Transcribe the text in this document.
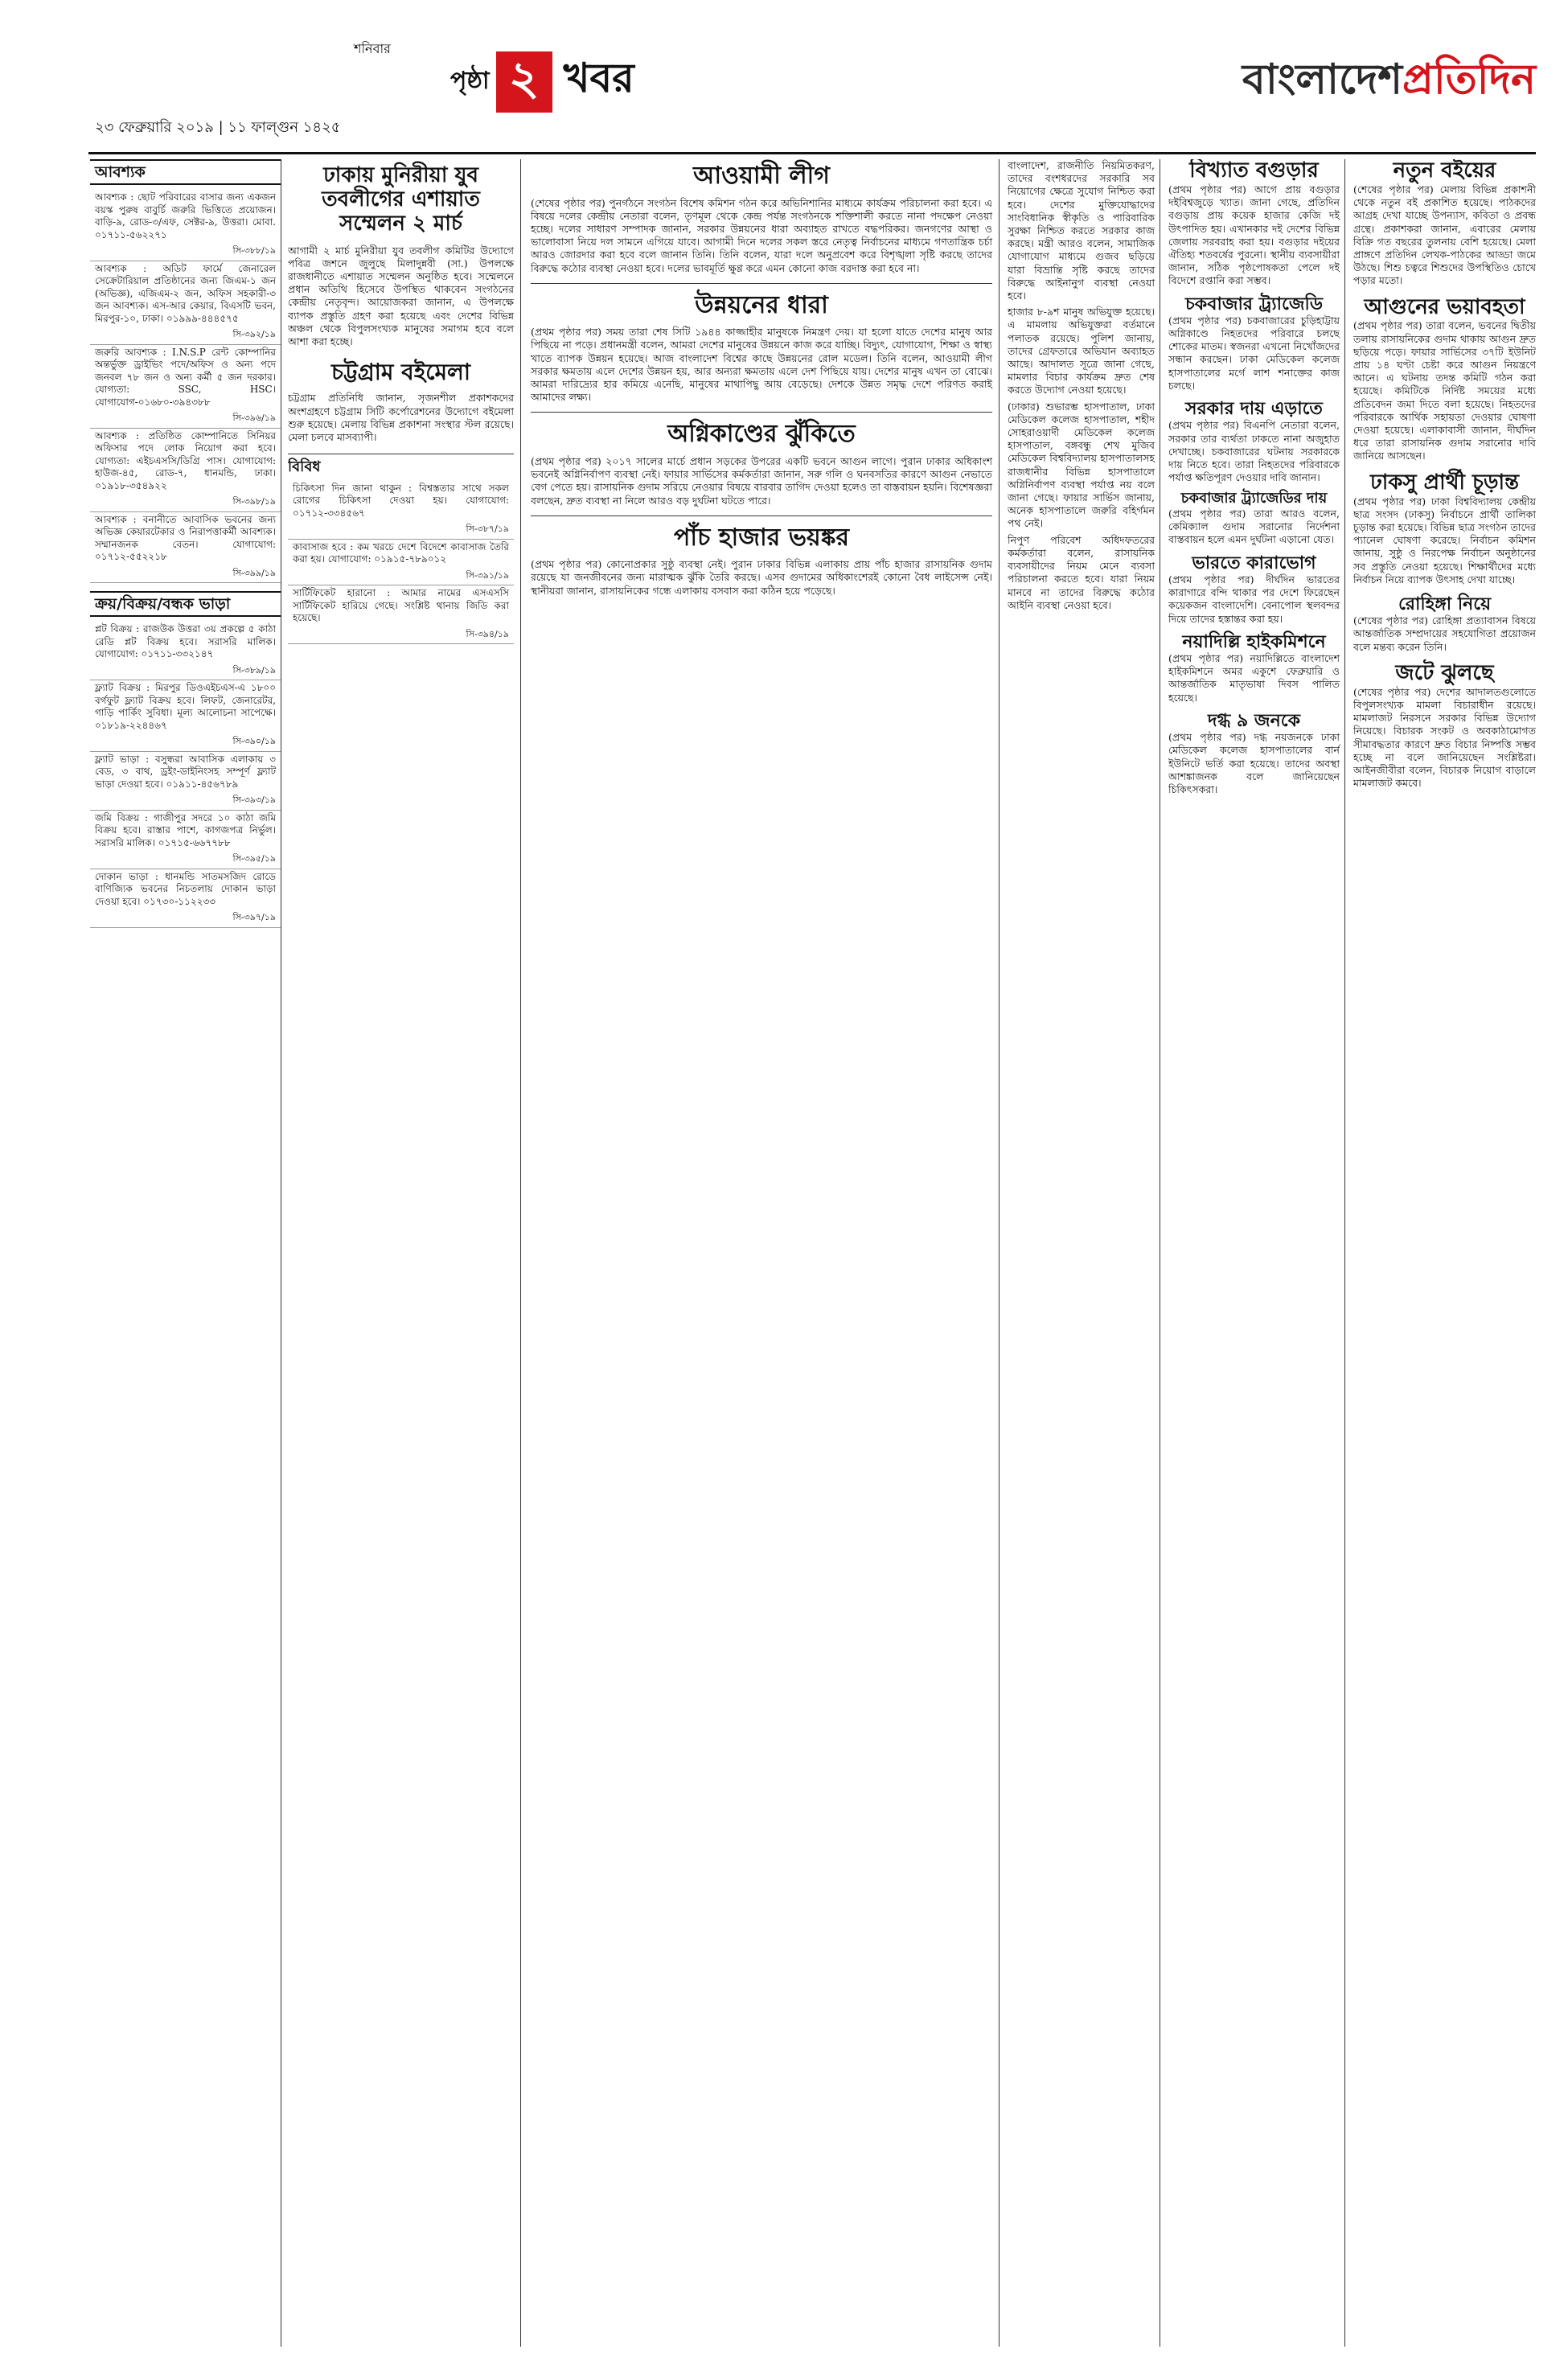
শনিবার
২৩ ফেব্রুয়ারি ২০১৯ | ১১ ফাল্গুন ১৪২৫
পৃষ্ঠা ২ খবর	বাংলাদেশপ্রতিদিন
আবশ্যক

আবশ্যক : ছোট পরিবারের বাসার জন্য একজন বয়স্ক পুরুষ বাবুর্চি জরুরি ভিত্তিতে প্রয়োজন। বাড়ি-৯, রোড-৩/এফ, সেক্টর-৯, উত্তরা। মোবা. ০১৭১১-৫৬২২৭১

সি-৩৮৮/১৯

আবশ্যক : অডিট ফার্মে জেনারেল সেক্রেটারিয়াল প্রতিষ্ঠানের জন্য জিএম-১ জন (অভিজ্ঞ), এজিএম-২ জন, অফিস সহকারী-৩ জন আবশ্যক। এস-আর কেয়ার, বিএসটি ভবন, মিরপুর-১০, ঢাকা। ০১৯৯৯-৪৪৪৫৭৫

সি-৩৯২/১৯

জরুরি আবশ্যক : I.N.S.P রেন্ট কোম্পানির অন্তর্ভুক্ত ড্রাইভিং পদে/অফিস ও অন্য পদে জনবল ৭৮ জন ও অন্য কর্মী ৫ জন দরকার। যোগ্যতা: SSC, HSC। যোগাযোগ-০১৬৮০-৩৯৪৩৮৮

সি-৩৯৬/১৯

আবশ্যক : প্রতিষ্ঠিত কোম্পানিতে সিনিয়র অফিসার পদে লোক নিয়োগ করা হবে। যোগ্যতা: এইচএসসি/ডিগ্রি পাস। যোগাযোগ: হাউজ-৪৫, রোড-৭, ধানমন্ডি, ঢাকা। ০১৯১৮-৩৫৪৯২২

সি-৩৯৮/১৯

আবশ্যক : বনানীতে আবাসিক ভবনের জন্য অভিজ্ঞ কেয়ারটেকার ও নিরাপত্তাকর্মী আবশ্যক। সম্মানজনক বেতন। যোগাযোগ: ০১৭১২-৫৫২২১৮

সি-৩৯৯/১৯
ক্রয়/বিক্রয়/বন্ধক ভাড়া

প্লট বিক্রয় : রাজউক উত্তরা ৩য় প্রকল্পে ৫ কাঠা রেডি প্লট বিক্রয় হবে। সরাসরি মালিক। যোগাযোগ: ০১৭১১-৩৩২১৪৭

সি-৩৮৯/১৯

ফ্ল্যাট বিক্রয় : মিরপুর ডিওএইচএস-এ ১৮০০ বর্গফুট ফ্ল্যাট বিক্রয় হবে। লিফট, জেনারেটর, গাড়ি পার্কিং সুবিধা। মূল্য আলোচনা সাপেক্ষে। ০১৮১৯-২২৪৪৬৭

সি-৩৯০/১৯

ফ্ল্যাট ভাড়া : বসুন্ধরা আবাসিক এলাকায় ৩ বেড, ৩ বাথ, ড্রইং-ডাইনিংসহ সম্পূর্ণ ফ্ল্যাট ভাড়া দেওয়া হবে। ০১৯১১-৪৫৬৭৮৯

সি-৩৯৩/১৯

জমি বিক্রয় : গাজীপুর সদরে ১০ কাঠা জমি বিক্রয় হবে। রাস্তার পাশে, কাগজপত্র নির্ভুল। সরাসরি মালিক। ০১৭১৫-৬৬৭৭৮৮

সি-৩৯৫/১৯

দোকান ভাড়া : ধানমন্ডি সাতমসজিদ রোডে বাণিজ্যিক ভবনের নিচতলায় দোকান ভাড়া দেওয়া হবে। ০১৭৩০-১১২২৩৩

সি-৩৯৭/১৯
ঢাকায় মুনিরীয়া যুব তবলীগের এশায়াত সম্মেলন ২ মার্চ

আগামী ২ মার্চ মুনিরীয়া যুব তবলীগ কমিটির উদ্যোগে পবিত্র জশনে জুলুছে মিলাদুন্নবী (সা.) উপলক্ষে রাজধানীতে এশায়াত সম্মেলন অনুষ্ঠিত হবে। সম্মেলনে প্রধান অতিথি হিসেবে উপস্থিত থাকবেন সংগঠনের কেন্দ্রীয় নেতৃবৃন্দ। আয়োজকরা জানান, এ উপলক্ষে ব্যাপক প্রস্তুতি গ্রহণ করা হয়েছে এবং দেশের বিভিন্ন অঞ্চল থেকে বিপুলসংখ্যক মানুষের সমাগম হবে বলে আশা করা হচ্ছে।

চট্টগ্রাম বইমেলা

চট্টগ্রাম প্রতিনিধি জানান, সৃজনশীল প্রকাশকদের অংশগ্রহণে চট্টগ্রাম সিটি কর্পোরেশনের উদ্যোগে বইমেলা শুরু হয়েছে। মেলায় বিভিন্ন প্রকাশনা সংস্থার স্টল রয়েছে। মেলা চলবে মাসব্যাপী।

বিবিধ

চিকিৎসা দিন জানা থাকুন : বিশ্বস্ততার সাথে সকল রোগের চিকিৎসা দেওয়া হয়। যোগাযোগ: ০১৭১২-৩৩৪৫৬৭

সি-৩৮৭/১৯

কাবাসাজ হবে : কম খরচে দেশে বিদেশে কাবাসাজ তৈরি করা হয়। যোগাযোগ: ০১৯১৫-৭৮৯০১২

সি-৩৯১/১৯

সার্টিফিকেট হারানো : আমার নামের এসএসসি সার্টিফিকেট হারিয়ে গেছে। সংশ্লিষ্ট থানায় জিডি করা হয়েছে।

সি-৩৯৪/১৯
আওয়ামী লীগ

(শেষের পৃষ্ঠার পর) পুনর্গঠনে সংগঠন বিশেষ কমিশন গঠন করে অভিনিশানির মাধ্যমে কার্যক্রম পরিচালনা করা হবে। এ বিষয়ে দলের কেন্দ্রীয় নেতারা বলেন, তৃণমূল থেকে কেন্দ্র পর্যন্ত সংগঠনকে শক্তিশালী করতে নানা পদক্ষেপ নেওয়া হচ্ছে। দলের সাধারণ সম্পাদক জানান, সরকার উন্নয়নের ধারা অব্যাহত রাখতে বদ্ধপরিকর। জনগণের আস্থা ও ভালোবাসা নিয়ে দল সামনে এগিয়ে যাবে। আগামী দিনে দলের সকল স্তরে নেতৃত্ব নির্বাচনের মাধ্যমে গণতান্ত্রিক চর্চা আরও জোরদার করা হবে বলে জানান তিনি। তিনি বলেন, যারা দলে অনুপ্রবেশ করে বিশৃঙ্খলা সৃষ্টি করছে তাদের বিরুদ্ধে কঠোর ব্যবস্থা নেওয়া হবে। দলের ভাবমূর্তি ক্ষুণ্ণ করে এমন কোনো কাজ বরদাস্ত করা হবে না।

উন্নয়নের ধারা

(প্রথম পৃষ্ঠার পর) সময় তারা শেষ সিটি ১৯৪৪ কাজ্জাহীর মানুষকে নিমন্ত্রণ দেয়। যা হলো যাতে দেশের মানুষ আর পিছিয়ে না পড়ে। প্রধানমন্ত্রী বলেন, আমরা দেশের মানুষের উন্নয়নে কাজ করে যাচ্ছি। বিদ্যুৎ, যোগাযোগ, শিক্ষা ও স্বাস্থ্য খাতে ব্যাপক উন্নয়ন হয়েছে। আজ বাংলাদেশ বিশ্বের কাছে উন্নয়নের রোল মডেল। তিনি বলেন, আওয়ামী লীগ সরকার ক্ষমতায় এলে দেশের উন্নয়ন হয়, আর অন্যরা ক্ষমতায় এলে দেশ পিছিয়ে যায়। দেশের মানুষ এখন তা বোঝে। আমরা দারিদ্র্যের হার কমিয়ে এনেছি, মানুষের মাথাপিছু আয় বেড়েছে। দেশকে উন্নত সমৃদ্ধ দেশে পরিণত করাই আমাদের লক্ষ্য।

অগ্নিকাণ্ডের ঝুঁকিতে

(প্রথম পৃষ্ঠার পর) ২০১৭ সালের মার্চে প্রধান সড়কের উপরের একটি ভবনে আগুন লাগে। পুরান ঢাকার অধিকাংশ ভবনেই অগ্নিনির্বাপণ ব্যবস্থা নেই। ফায়ার সার্ভিসের কর্মকর্তারা জানান, সরু গলি ও ঘনবসতির কারণে আগুন নেভাতে বেগ পেতে হয়। রাসায়নিক গুদাম সরিয়ে নেওয়ার বিষয়ে বারবার তাগিদ দেওয়া হলেও তা বাস্তবায়ন হয়নি। বিশেষজ্ঞরা বলছেন, দ্রুত ব্যবস্থা না নিলে আরও বড় দুর্ঘটনা ঘটতে পারে।

পাঁচ হাজার ভয়ঙ্কর

(প্রথম পৃষ্ঠার পর) কোনোপ্রকার সুষ্ঠু ব্যবস্থা নেই। পুরান ঢাকার বিভিন্ন এলাকায় প্রায় পাঁচ হাজার রাসায়নিক গুদাম রয়েছে যা জনজীবনের জন্য মারাত্মক ঝুঁকি তৈরি করছে। এসব গুদামের অধিকাংশেরই কোনো বৈধ লাইসেন্স নেই। স্থানীয়রা জানান, রাসায়নিকের গন্ধে এলাকায় বসবাস করা কঠিন হয়ে পড়েছে।

বাংলাদেশ, রাজনীতি নিয়মিতকরণ, তাদের বংশধরদের সরকারি সব নিয়োগের ক্ষেত্রে সুযোগ নিশ্চিত করা হবে। দেশের মুক্তিযোদ্ধাদের সাংবিধানিক স্বীকৃতি ও পারিবারিক সুরক্ষা নিশ্চিত করতে সরকার কাজ করছে। মন্ত্রী আরও বলেন, সামাজিক যোগাযোগ মাধ্যমে গুজব ছড়িয়ে যারা বিভ্রান্তি সৃষ্টি করছে তাদের বিরুদ্ধে আইনানুগ ব্যবস্থা নেওয়া হবে।

হাজার ৮-৯শ মানুষ অভিযুক্ত হয়েছে। এ মামলায় অভিযুক্তরা বর্তমানে পলাতক রয়েছে। পুলিশ জানায়, তাদের গ্রেফতারে অভিযান অব্যাহত আছে। আদালত সূত্রে জানা গেছে, মামলার বিচার কার্যক্রম দ্রুত শেষ করতে উদ্যোগ নেওয়া হয়েছে।

(ঢাকার) শুভারম্ভ হাসপাতাল, ঢাকা মেডিকেল কলেজ হাসপাতাল, শহীদ সোহরাওয়ার্দী মেডিকেল কলেজ হাসপাতাল, বঙ্গবন্ধু শেখ মুজিব মেডিকেল বিশ্ববিদ্যালয় হাসপাতালসহ রাজধানীর বিভিন্ন হাসপাতালে অগ্নিনির্বাপণ ব্যবস্থা পর্যাপ্ত নয় বলে জানা গেছে। ফায়ার সার্ভিস জানায়, অনেক হাসপাতালে জরুরি বহির্গমন পথ নেই।

নিপুণ পরিবেশ অধিদফতরের কর্মকর্তারা বলেন, রাসায়নিক ব্যবসায়ীদের নিয়ম মেনে ব্যবসা পরিচালনা করতে হবে। যারা নিয়ম মানবে না তাদের বিরুদ্ধে কঠোর আইনি ব্যবস্থা নেওয়া হবে।

বিখ্যাত বগুড়ার

(প্রথম পৃষ্ঠার পর) আগে প্রায় বগুড়ার দইবিশ্বজুড়ে খ্যাত। জানা গেছে, প্রতিদিন বগুড়ায় প্রায় কয়েক হাজার কেজি দই উৎপাদিত হয়। এখানকার দই দেশের বিভিন্ন জেলায় সরবরাহ করা হয়। বগুড়ার দইয়ের ঐতিহ্য শতবর্ষের পুরনো। স্থানীয় ব্যবসায়ীরা জানান, সঠিক পৃষ্ঠপোষকতা পেলে দই বিদেশে রপ্তানি করা সম্ভব।

চকবাজার ট্র্যাজেডি

(প্রথম পৃষ্ঠার পর) চকবাজারের চুড়িহাট্টায় অগ্নিকাণ্ডে নিহতদের পরিবারে চলছে শোকের মাতম। স্বজনরা এখনো নিখোঁজদের সন্ধান করছেন। ঢাকা মেডিকেল কলেজ হাসপাতালের মর্গে লাশ শনাক্তের কাজ চলছে।

সরকার দায় এড়াতে

(প্রথম পৃষ্ঠার পর) বিএনপি নেতারা বলেন, সরকার তার ব্যর্থতা ঢাকতে নানা অজুহাত দেখাচ্ছে। চকবাজারের ঘটনায় সরকারকে দায় নিতে হবে। তারা নিহতদের পরিবারকে পর্যাপ্ত ক্ষতিপূরণ দেওয়ার দাবি জানান।

চকবাজার ট্র্যাজেডির দায়

(প্রথম পৃষ্ঠার পর) তারা আরও বলেন, কেমিক্যাল গুদাম সরানোর নির্দেশনা বাস্তবায়ন হলে এমন দুর্ঘটনা এড়ানো যেত।

ভারতে কারাভোগ

(প্রথম পৃষ্ঠার পর) দীর্ঘদিন ভারতের কারাগারে বন্দি থাকার পর দেশে ফিরেছেন কয়েকজন বাংলাদেশি। বেনাপোল স্থলবন্দর দিয়ে তাদের হস্তান্তর করা হয়।

নয়াদিল্লি হাইকমিশনে

(প্রথম পৃষ্ঠার পর) নয়াদিল্লিতে বাংলাদেশ হাইকমিশনে অমর একুশে ফেব্রুয়ারি ও আন্তর্জাতিক মাতৃভাষা দিবস পালিত হয়েছে।

দগ্ধ ৯ জনকে

(প্রথম পৃষ্ঠার পর) দগ্ধ নয়জনকে ঢাকা মেডিকেল কলেজ হাসপাতালের বার্ন ইউনিটে ভর্তি করা হয়েছে। তাদের অবস্থা আশঙ্কাজনক বলে জানিয়েছেন চিকিৎসকরা।

নতুন বইয়ের

(শেষের পৃষ্ঠার পর) মেলায় বিভিন্ন প্রকাশনী থেকে নতুন বই প্রকাশিত হয়েছে। পাঠকদের আগ্রহ দেখা যাচ্ছে উপন্যাস, কবিতা ও প্রবন্ধ গ্রন্থে। প্রকাশকরা জানান, এবারের মেলায় বিক্রি গত বছরের তুলনায় বেশি হয়েছে। মেলা প্রাঙ্গণে প্রতিদিন লেখক-পাঠকের আড্ডা জমে উঠছে। শিশু চত্বরে শিশুদের উপস্থিতিও চোখে পড়ার মতো।

আগুনের ভয়াবহতা

(প্রথম পৃষ্ঠার পর) তারা বলেন, ভবনের দ্বিতীয় তলায় রাসায়নিকের গুদাম থাকায় আগুন দ্রুত ছড়িয়ে পড়ে। ফায়ার সার্ভিসের ৩৭টি ইউনিট প্রায় ১৪ ঘণ্টা চেষ্টা করে আগুন নিয়ন্ত্রণে আনে। এ ঘটনায় তদন্ত কমিটি গঠন করা হয়েছে। কমিটিকে নির্দিষ্ট সময়ের মধ্যে প্রতিবেদন জমা দিতে বলা হয়েছে। নিহতদের পরিবারকে আর্থিক সহায়তা দেওয়ার ঘোষণা দেওয়া হয়েছে। এলাকাবাসী জানান, দীর্ঘদিন ধরে তারা রাসায়নিক গুদাম সরানোর দাবি জানিয়ে আসছেন।

ঢাকসু প্রার্থী চূড়ান্ত

(প্রথম পৃষ্ঠার পর) ঢাকা বিশ্ববিদ্যালয় কেন্দ্রীয় ছাত্র সংসদ (ঢাকসু) নির্বাচনে প্রার্থী তালিকা চূড়ান্ত করা হয়েছে। বিভিন্ন ছাত্র সংগঠন তাদের প্যানেল ঘোষণা করেছে। নির্বাচন কমিশন জানায়, সুষ্ঠু ও নিরপেক্ষ নির্বাচন অনুষ্ঠানের সব প্রস্তুতি নেওয়া হয়েছে। শিক্ষার্থীদের মধ্যে নির্বাচন নিয়ে ব্যাপক উৎসাহ দেখা যাচ্ছে।

রোহিঙ্গা নিয়ে

(শেষের পৃষ্ঠার পর) রোহিঙ্গা প্রত্যাবাসন বিষয়ে আন্তর্জাতিক সম্প্রদায়ের সহযোগিতা প্রয়োজন বলে মন্তব্য করেন তিনি।

জটে ঝুলছে

(শেষের পৃষ্ঠার পর) দেশের আদালতগুলোতে বিপুলসংখ্যক মামলা বিচারাধীন রয়েছে। মামলাজট নিরসনে সরকার বিভিন্ন উদ্যোগ নিয়েছে। বিচারক সংকট ও অবকাঠামোগত সীমাবদ্ধতার কারণে দ্রুত বিচার নিষ্পত্তি সম্ভব হচ্ছে না বলে জানিয়েছেন সংশ্লিষ্টরা। আইনজীবীরা বলেন, বিচারক নিয়োগ বাড়ালে মামলাজট কমবে।
